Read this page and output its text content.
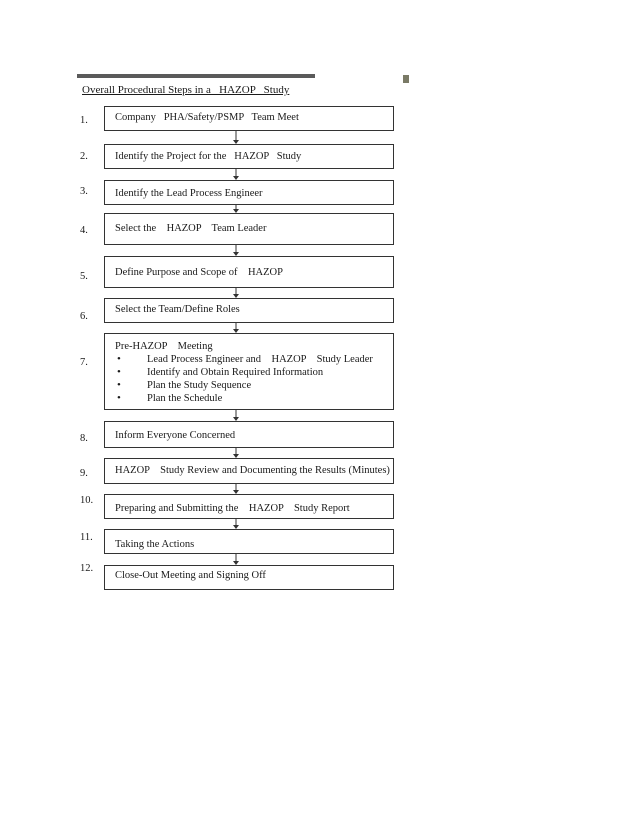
Overall Procedural Steps in a   HAZOP   Study
1.	Company   PHA/Safety/PSMP   Team Meet
2.	Identify the Project for the   HAZOP   Study
3.	Identify the Lead Process Engineer
4.	Select the    HAZOP    Team Leader
5.	Define Purpose and Scope of    HAZOP
6.
Select the Team/Define Roles
7.
Pre-HAZOP    Meeting
• Lead Process Engineer and    HAZOP    Study Leader
• Identify and Obtain Required Information
• Plan the Study Sequence
• Plan the Schedule
8.	Inform Everyone Concerned
9.	HAZOP    Study Review and Documenting the Results (Minutes)
10.
Preparing and Submitting the    HAZOP    Study Report
11.
Taking the Actions
12.
Close-Out Meeting and Signing Off
